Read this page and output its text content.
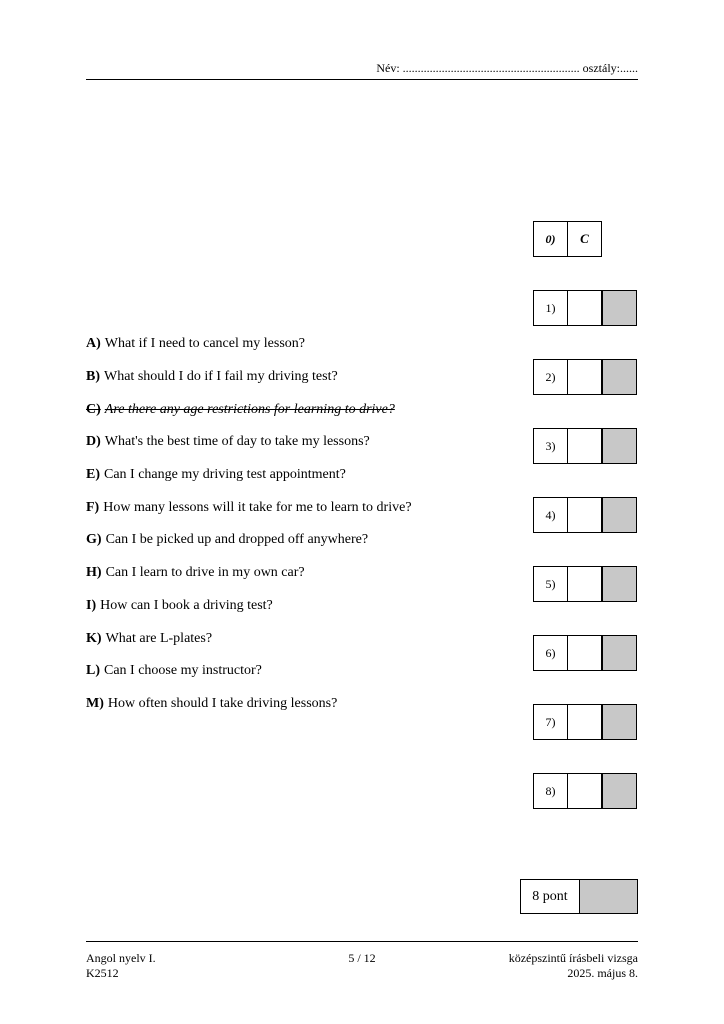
Név: ........................................................... osztály:......
A) What if I need to cancel my lesson?
B) What should I do if I fail my driving test?
C) Are there any age restrictions for learning to drive?
D) What's the best time of day to take my lessons?
E) Can I change my driving test appointment?
F) How many lessons will it take for me to learn to drive?
G) Can I be picked up and dropped off anywhere?
H) Can I learn to drive in my own car?
I) How can I book a driving test?
K) What are L-plates?
L) Can I choose my instructor?
M) How often should I take driving lessons?
0)	C
1)
2)
3)
4)
5)
6)
7)
8)
8 pont
Angol nyelv I.
K2512
5 / 12	középszintű írásbeli vizsga
2025. május 8.
